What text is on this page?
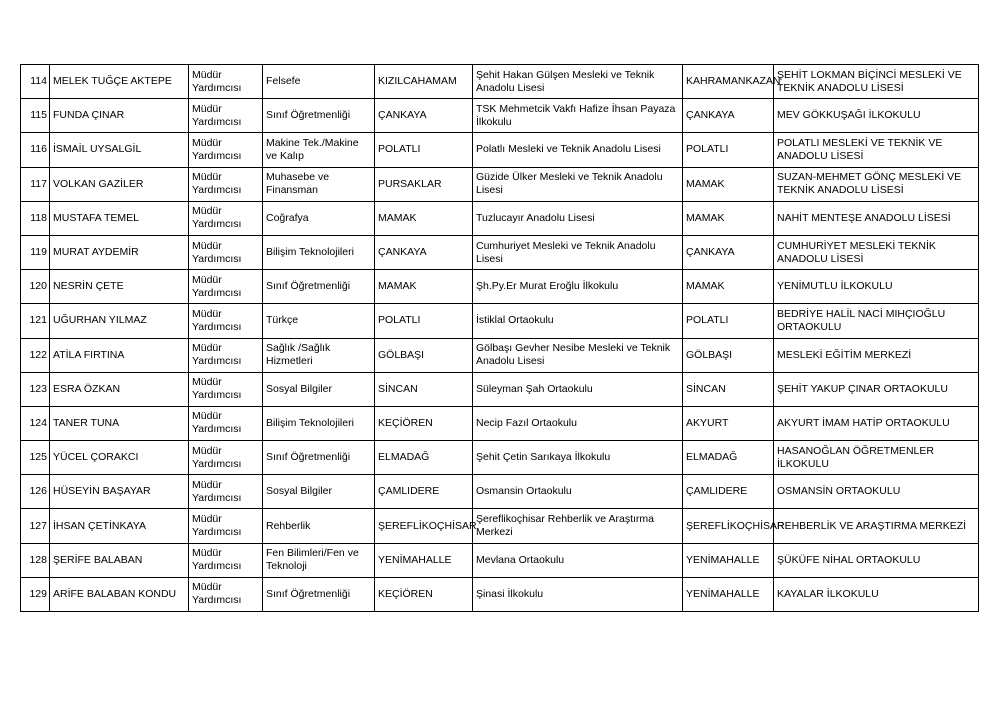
114	MELEK TUĞÇE AKTEPE	Müdür Yardımcısı	Felsefe	KIZILCAHAMAM	Şehit Hakan Gülşen Mesleki ve Teknik Anadolu Lisesi	KAHRAMANKAZAN	ŞEHİT LOKMAN BİÇİNCİ MESLEKİ VE TEKNİK ANADOLU LİSESİ
115	FUNDA ÇINAR	Müdür Yardımcısı	Sınıf Öğretmenliği	ÇANKAYA	TSK Mehmetcik Vakfı Hafize İhsan Payaza İlkokulu	ÇANKAYA	MEV GÖKKUŞAĞI İLKOKULU
116	İSMAİL UYSALGİL	Müdür Yardımcısı	Makine Tek./Makine ve Kalıp	POLATLI	Polatlı Mesleki ve Teknik Anadolu Lisesi	POLATLI	POLATLI MESLEKİ VE TEKNİK VE ANADOLU LİSESİ
117	VOLKAN GAZİLER	Müdür Yardımcısı	Muhasebe ve Finansman	PURSAKLAR	Güzide Ülker Mesleki ve Teknik Anadolu Lisesi	MAMAK	SUZAN-MEHMET GÖNÇ MESLEKİ VE TEKNİK ANADOLU LİSESİ
118	MUSTAFA TEMEL	Müdür Yardımcısı	Coğrafya	MAMAK	Tuzlucayır Anadolu Lisesi	MAMAK	NAHİT MENTEŞE ANADOLU LİSESİ
119	MURAT AYDEMİR	Müdür Yardımcısı	Bilişim Teknolojileri	ÇANKAYA	Cumhuriyet Mesleki ve Teknik Anadolu Lisesi	ÇANKAYA	CUMHURİYET MESLEKİ TEKNİK ANADOLU LİSESİ
120	NESRİN ÇETE	Müdür Yardımcısı	Sınıf Öğretmenliği	MAMAK	Şh.Py.Er Murat Eroğlu İlkokulu	MAMAK	YENİMUTLU İLKOKULU
121	UĞURHAN YILMAZ	Müdür Yardımcısı	Türkçe	POLATLI	İstiklal Ortaokulu	POLATLI	BEDRİYE HALİL NACİ MIHÇIOĞLU ORTAOKULU
122	ATİLA FIRTINA	Müdür Yardımcısı	Sağlık /Sağlık Hizmetleri	GÖLBAŞI	Gölbaşı Gevher Nesibe Mesleki ve Teknik Anadolu Lisesi	GÖLBAŞI	MESLEKİ EĞİTİM MERKEZİ
123	ESRA ÖZKAN	Müdür Yardımcısı	Sosyal Bilgiler	SİNCAN	Süleyman Şah Ortaokulu	SİNCAN	ŞEHİT YAKUP ÇINAR ORTAOKULU
124	TANER TUNA	Müdür Yardımcısı	Bilişim Teknolojileri	KEÇİÖREN	Necip Fazıl Ortaokulu	AKYURT	AKYURT İMAM HATİP ORTAOKULU
125	YÜCEL ÇORAKCI	Müdür Yardımcısı	Sınıf Öğretmenliği	ELMADAĞ	Şehit Çetin Sarıkaya İlkokulu	ELMADAĞ	HASANOĞLAN ÖĞRETMENLER İLKOKULU
126	HÜSEYİN BAŞAYAR	Müdür Yardımcısı	Sosyal Bilgiler	ÇAMLIDERE	Osmansin Ortaokulu	ÇAMLIDERE	OSMANSİN ORTAOKULU
127	İHSAN ÇETİNKAYA	Müdür Yardımcısı	Rehberlik	ŞEREFLİKOÇHİSAR	Şereflikoçhisar Rehberlik ve Araştırma Merkezi	ŞEREFLİKOÇHİSAR	REHBERLİK VE ARAŞTIRMA MERKEZİ
128	ŞERİFE BALABAN	Müdür Yardımcısı	Fen Bilimleri/Fen ve Teknoloji	YENİMAHALLE	Mevlana Ortaokulu	YENİMAHALLE	ŞÜKÜFE NİHAL ORTAOKULU
129	ARİFE BALABAN KONDU	Müdür Yardımcısı	Sınıf Öğretmenliği	KEÇİÖREN	Şinasi İlkokulu	YENİMAHALLE	KAYALAR İLKOKULU
